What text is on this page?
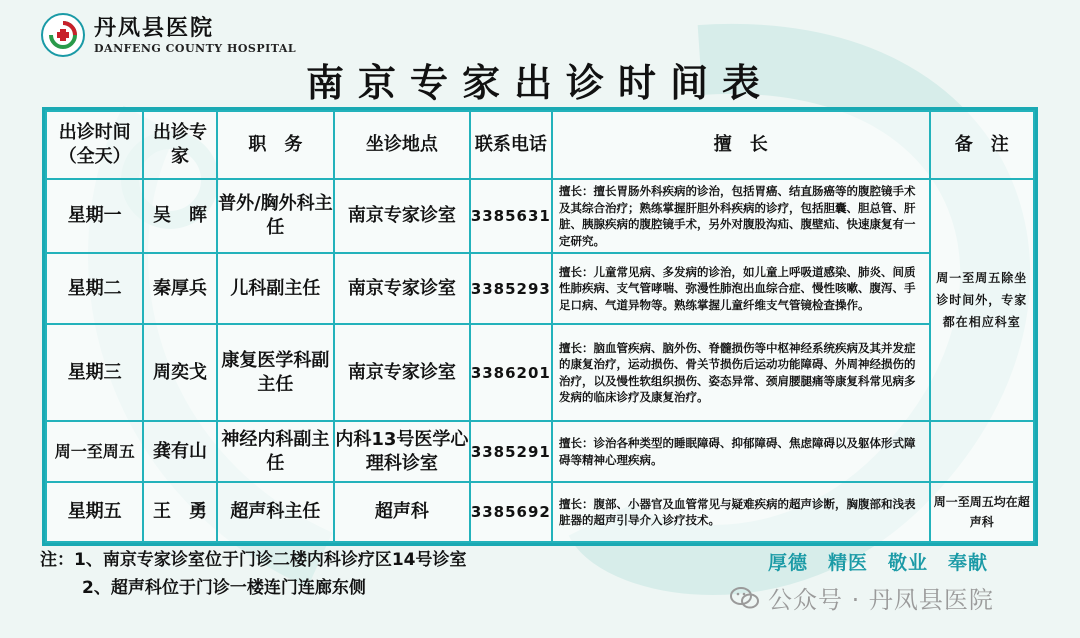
丹凤县医院
DANFENG COUNTY HOSPITAL
南京专家出诊时间表
出诊时间（全天）	出诊专家	职　务	坐诊地点	联系电话	擅　长	备　注
星期一	吴　晖	普外/胸外科主任	南京专家诊室	3385631	擅长：擅长胃肠外科疾病的诊治，包括胃癌、结直肠癌等的腹腔镜手术及其综合治疗；熟练掌握肝胆外科疾病的诊疗，包括胆囊、胆总管、肝脏、胰腺疾病的腹腔镜手术，另外对腹股沟疝、腹壁疝、快速康复有一定研究。	周一至周五除坐诊时间外，专家都在相应科室
星期二	秦厚兵	儿科副主任	南京专家诊室	3385293	擅长：儿童常见病、多发病的诊治，如儿童上呼吸道感染、肺炎、间质性肺疾病、支气管哮喘、弥漫性肺泡出血综合症、慢性咳嗽、腹泻、手足口病、气道异物等。熟练掌握儿童纤维支气管镜检查操作。	
星期三	周奕戈	康复医学科副主任	南京专家诊室	3386201	擅长：脑血管疾病、脑外伤、脊髓损伤等中枢神经系统疾病及其并发症的康复治疗，运动损伤、骨关节损伤后运动功能障碍、外周神经损伤的治疗，以及慢性软组织损伤、姿态异常、颈肩腰腿痛等康复科常见病多发病的临床诊疗及康复治疗。	
周一至周五	龚有山	神经内科副主任	内科13号医学心理科诊室	3385291	擅长：诊治各种类型的睡眠障碍、抑郁障碍、焦虑障碍以及躯体形式障碍等精神心理疾病。	
星期五	王　勇	超声科主任	超声科	3385692	擅长：腹部、小器官及血管常见与疑难疾病的超声诊断，胸腹部和浅表脏器的超声引导介入诊疗技术。	周一至周五均在超声科
注：1、南京专家诊室位于门诊二楼内科诊疗区14号诊室
2、超声科位于门诊一楼连门连廊东侧
厚德　精医　敬业　奉献
公众号 · 丹凤县医院
